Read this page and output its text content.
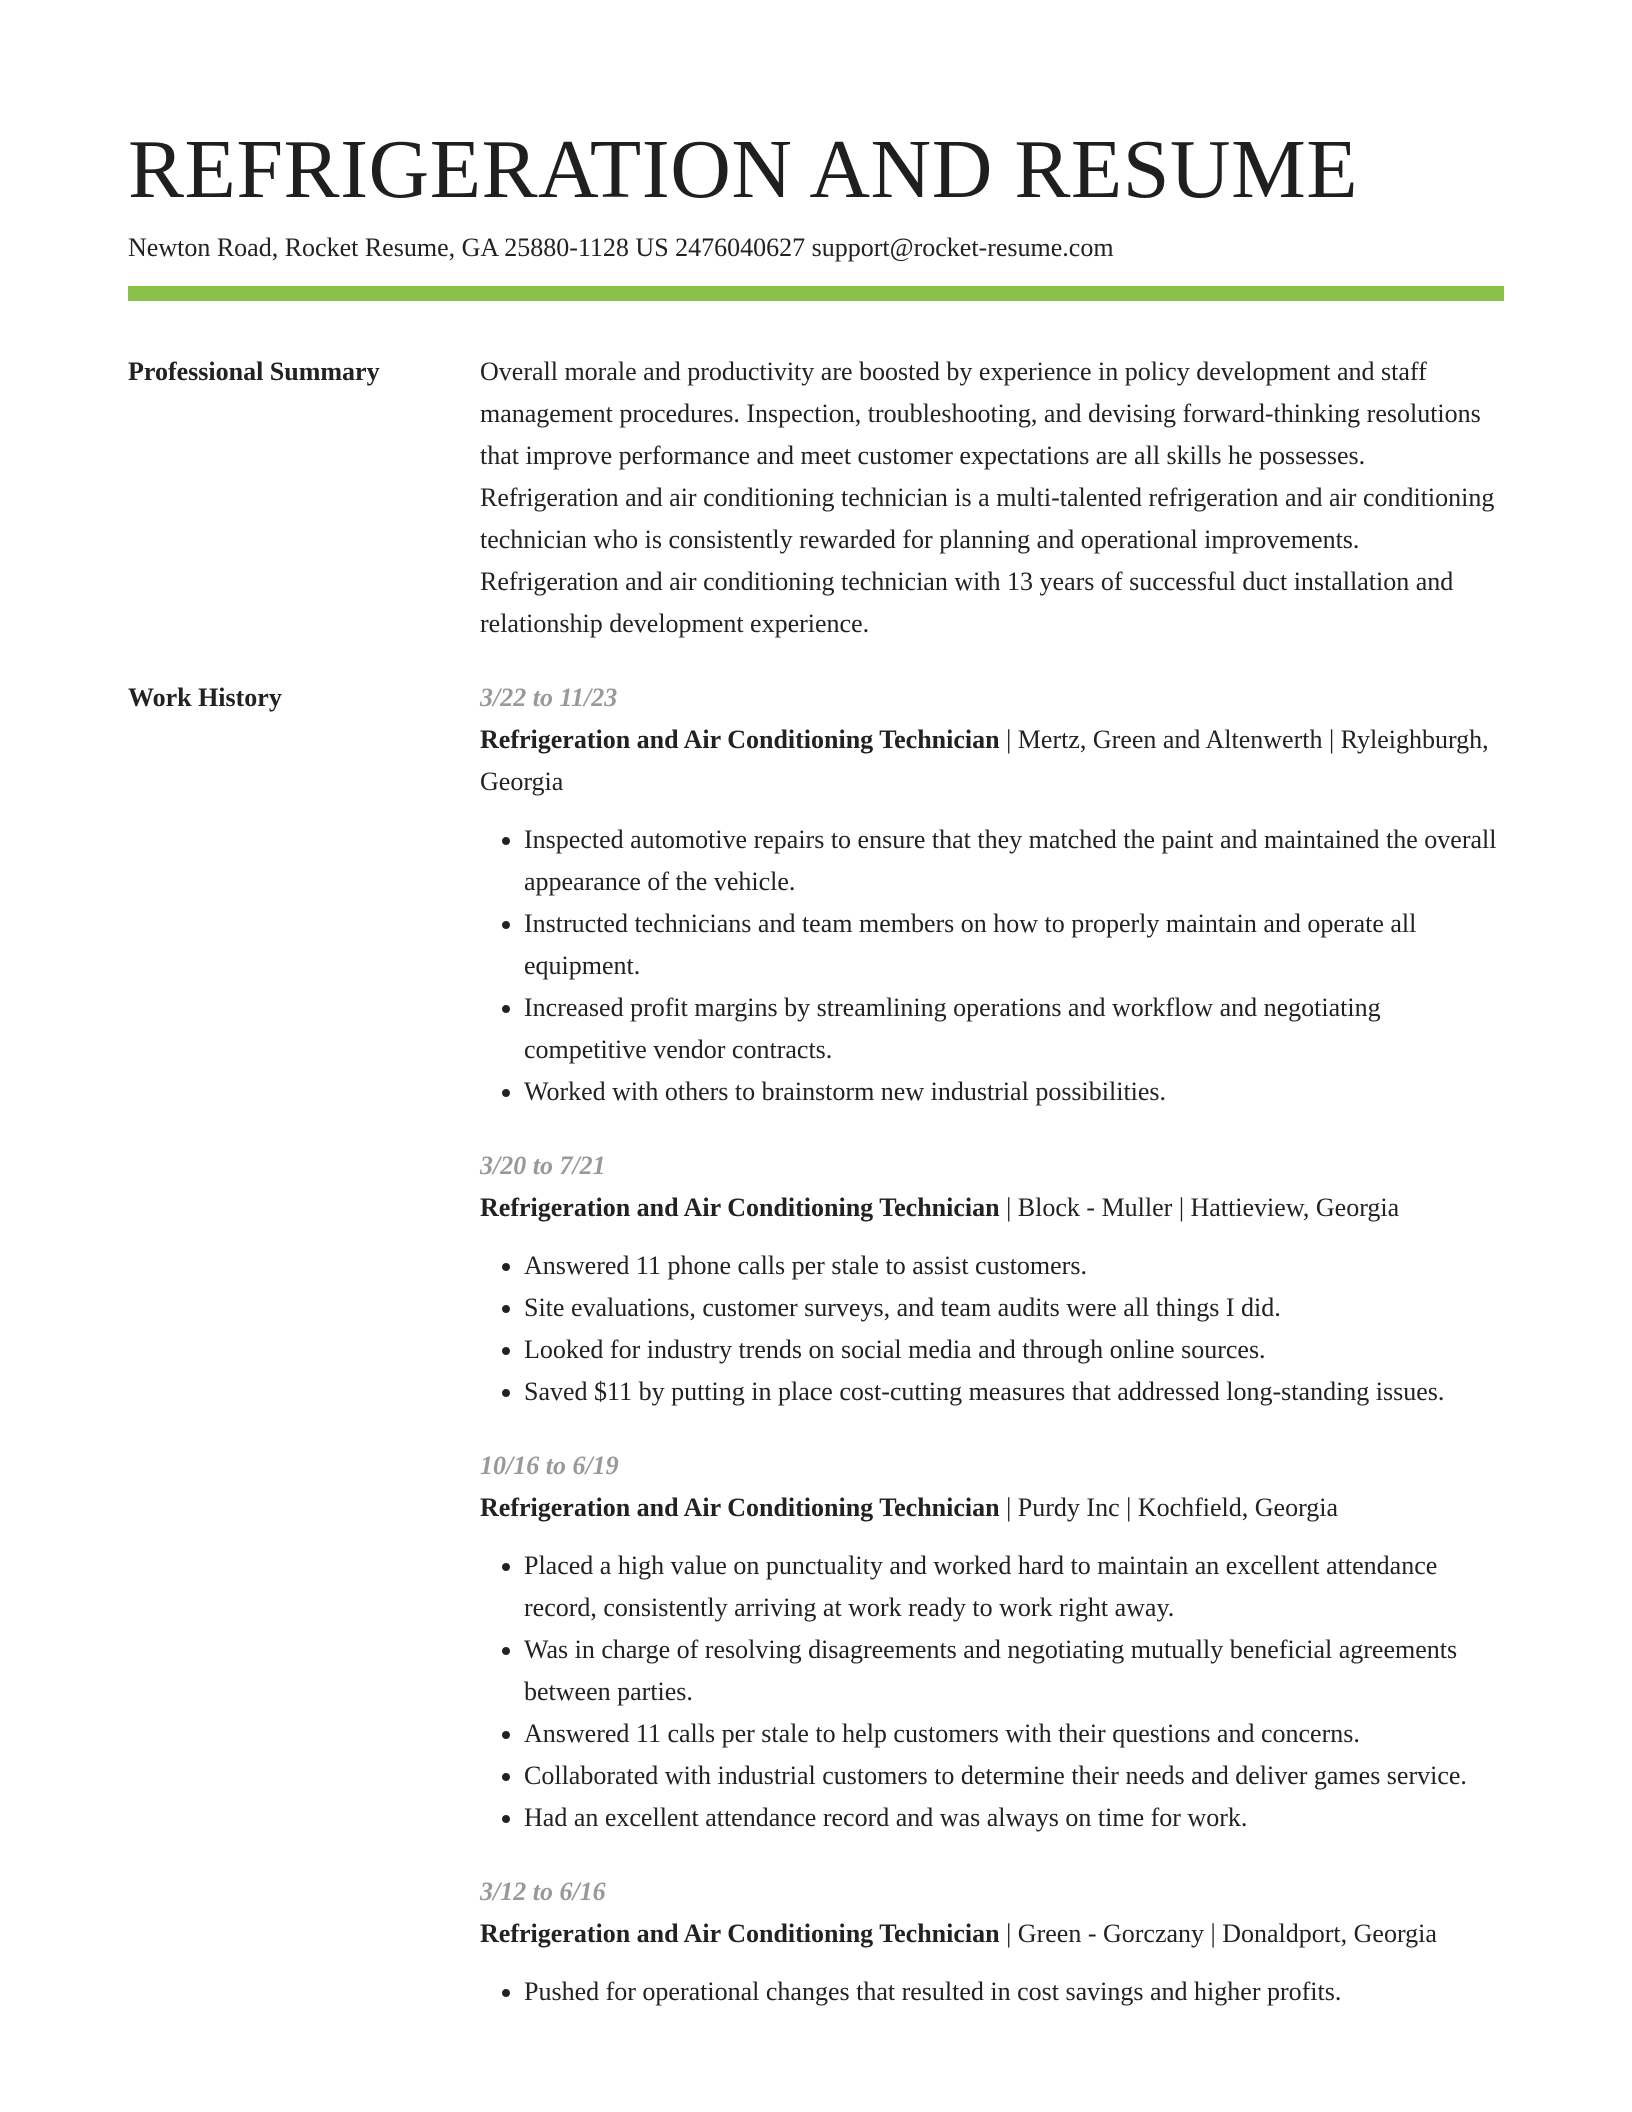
REFRIGERATION AND RESUME
Newton Road, Rocket Resume, GA 25880-1128 US 2476040627 support@rocket-resume.com
Professional Summary	Overall morale and productivity are boosted by experience in policy development and staff management procedures. Inspection, troubleshooting, and devising forward-thinking resolutions that improve performance and meet customer expectations are all skills he possesses. Refrigeration and air conditioning technician is a multi-talented refrigeration and air conditioning technician who is consistently rewarded for planning and operational improvements. Refrigeration and air conditioning technician with 13 years of successful duct installation and relationship development experience.

Work History	3/22 to 11/23
Refrigeration and Air Conditioning Technician | Mertz, Green and Altenwerth | Ryleighburgh, Georgia
• Inspected automotive repairs to ensure that they matched the paint and maintained the overall appearance of the vehicle.
• Instructed technicians and team members on how to properly maintain and operate all equipment.
• Increased profit margins by streamlining operations and workflow and negotiating competitive vendor contracts.
• Worked with others to brainstorm new industrial possibilities.
3/20 to 7/21
Refrigeration and Air Conditioning Technician | Block - Muller | Hattieview, Georgia
• Answered 11 phone calls per stale to assist customers.
• Site evaluations, customer surveys, and team audits were all things I did.
• Looked for industry trends on social media and through online sources.
• Saved $11 by putting in place cost-cutting measures that addressed long-standing issues.
10/16 to 6/19
Refrigeration and Air Conditioning Technician | Purdy Inc | Kochfield, Georgia
• Placed a high value on punctuality and worked hard to maintain an excellent attendance record, consistently arriving at work ready to work right away.
• Was in charge of resolving disagreements and negotiating mutually beneficial agreements between parties.
• Answered 11 calls per stale to help customers with their questions and concerns.
• Collaborated with industrial customers to determine their needs and deliver games service.
• Had an excellent attendance record and was always on time for work.
3/12 to 6/16
Refrigeration and Air Conditioning Technician | Green - Gorczany | Donaldport, Georgia
• Pushed for operational changes that resulted in cost savings and higher profits.
